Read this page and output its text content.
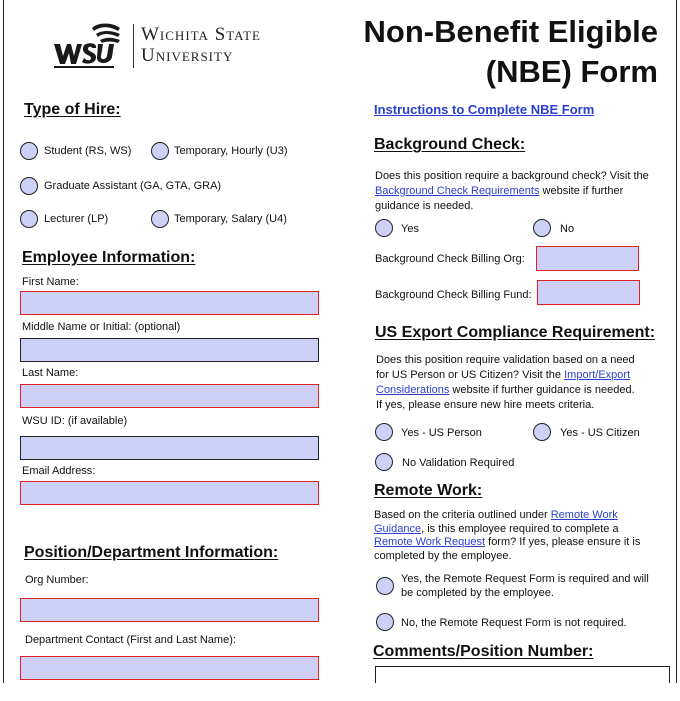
Wichita State
University
Non-Benefit Eligible
(NBE) Form
Type of Hire:
Student (RS, WS)	Temporary, Hourly (U3)
Graduate Assistant (GA, GTA, GRA)
Lecturer (LP)	Temporary, Salary (U4)
Employee Information:
First Name:
Middle Name or Initial: (optional)
Last Name:
WSU ID: (if available)
Email Address:
Position/Department Information:
Org Number:
Department Contact (First and Last Name):
Instructions to Complete NBE Form
Background Check:
Does this position require a background check? Visit the
Background Check Requirements website if further
guidance is needed.
Yes	No
Background Check Billing Org:
Background Check Billing Fund:
US Export Compliance Requirement:
Does this position require validation based on a need
for US Person or US Citizen? Visit the Import/Export
Considerations website if further guidance is needed.
If yes, please ensure new hire meets criteria.
Yes - US Person	Yes - US Citizen
No Validation Required
Remote Work:
Based on the criteria outlined under Remote Work
Guidance, is this employee required to complete a
Remote Work Request form? If yes, please ensure it is
completed by the employee.
Yes, the Remote Request Form is required and will
be completed by the employee.
No, the Remote Request Form is not required.
Comments/Position Number:
